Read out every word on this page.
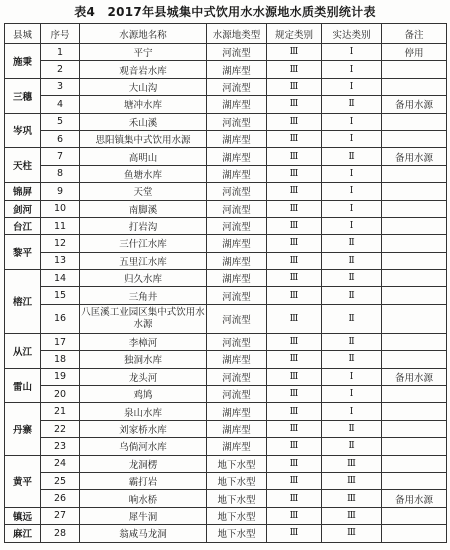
表4　2017年县城集中式饮用水水源地水质类别统计表
县城	序号	水源地名称	水源地类型	规定类别	实达类别	备注
施秉	1	平宁	河流型	Ⅲ	Ⅰ	停用
	2	观音岩水库	湖库型	Ⅲ	Ⅰ	
三穗	3	大山沟	河流型	Ⅲ	Ⅰ	
	4	塘冲水库	湖库型	Ⅲ	Ⅱ	备用水源
岑巩	5	禾山溪	河流型	Ⅲ	Ⅰ	
	6	思阳镇集中式饮用水源	湖库型	Ⅲ	Ⅰ	
天柱	7	高明山	湖库型	Ⅲ	Ⅱ	备用水源
	8	鱼塘水库	湖库型	Ⅲ	Ⅰ	
锦屏	9	天堂	河流型	Ⅲ	Ⅰ	
剑河	10	南脚溪	河流型	Ⅲ	Ⅰ	
台江	11	打岩沟	河流型	Ⅲ	Ⅰ	
黎平	12	三什江水库	湖库型	Ⅲ	Ⅱ	
	13	五里江水库	湖库型	Ⅲ	Ⅱ	
榕江	14	归久水库	湖库型	Ⅲ	Ⅱ	
	15	三角井	河流型	Ⅲ	Ⅱ	
	16	八匡溪工业园区集中式饮用水水源	河流型	Ⅲ	Ⅱ	
从江	17	李樟河	河流型	Ⅲ	Ⅱ	
	18	独洞水库	湖库型	Ⅲ	Ⅱ	
雷山	19	龙头河	河流型	Ⅲ	Ⅰ	备用水源
	20	鸡鸠	河流型	Ⅲ	Ⅰ	
丹寨	21	泉山水库	湖库型	Ⅲ	Ⅰ	
	22	刘家桥水库	湖库型	Ⅲ	Ⅱ	
	23	乌倘河水库	湖库型	Ⅲ	Ⅱ	
黄平	24	龙洞楞	地下水型	Ⅲ	Ⅲ	
	25	霸打岩	地下水型	Ⅲ	Ⅲ	
	26	响水桥	地下水型	Ⅲ	Ⅲ	备用水源
镇远	27	犀牛洞	地下水型	Ⅲ	Ⅲ	
麻江	28	翁咸马龙洞	地下水型	Ⅲ	Ⅲ	
